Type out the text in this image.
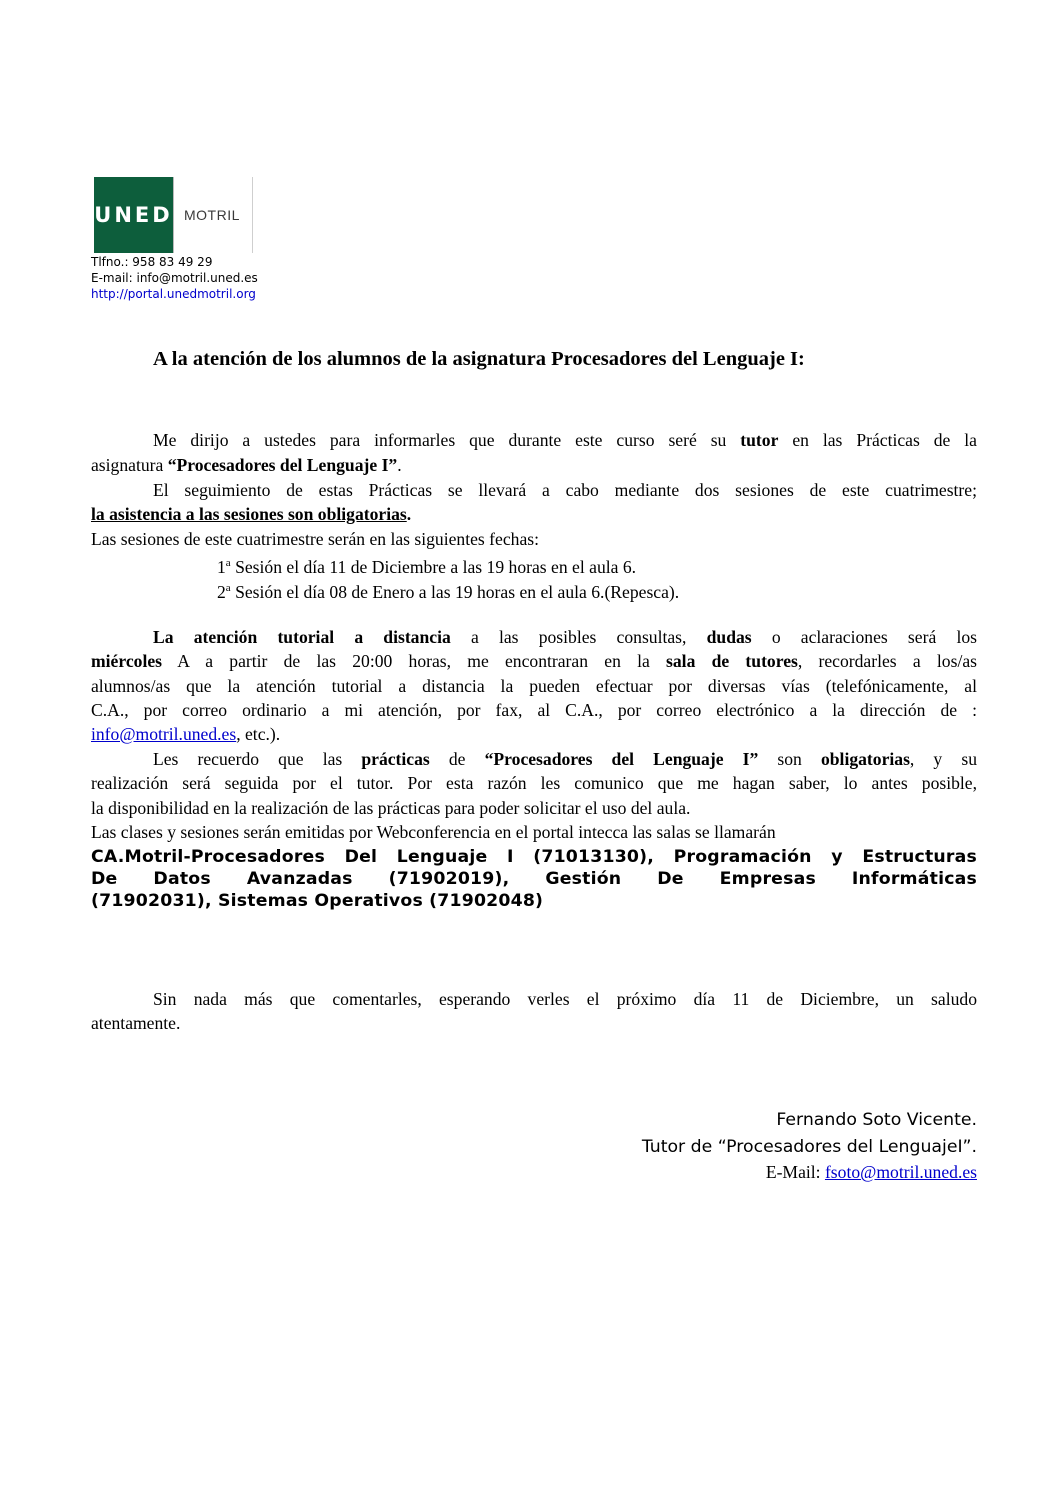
UNED MOTRIL
Tlfno.: 958 83 49 29
E-mail: info@motril.uned.es
http://portal.unedmotril.org
A la atención de los alumnos de la asignatura Procesadores del Lenguaje I:
Me dirijo a ustedes para informarles que durante este curso seré su tutor en las Prácticas de la
asignatura “Procesadores del Lenguaje I”.
El seguimiento de estas Prácticas se llevará a cabo mediante dos sesiones de este cuatrimestre;
la asistencia a las sesiones son obligatorias.
Las sesiones de este cuatrimestre serán en las siguientes fechas:
1$^a$ Sesión el día 11 de Diciembre a las 19 horas en el aula 6.
2$^a$ Sesión el día 08 de Enero a las 19 horas en el aula 6.(Repesca).
La atención tutorial a distancia a las posibles consultas, dudas o aclaraciones será los
miércoles A a partir de las 20:00 horas, me encontraran en la sala de tutores, recordarles a los/as
alumnos/as que la atención tutorial a distancia la pueden efectuar por diversas vías (telefónicamente, al
C.A., por correo ordinario a mi atención, por fax, al C.A., por correo electrónico a la dirección de :
info@motril.uned.es, etc.).
Les recuerdo que las prácticas de “Procesadores del Lenguaje I” son obligatorias, y su
realización será seguida por el tutor. Por esta razón les comunico que me hagan saber, lo antes posible,
la disponibilidad en la realización de las prácticas para poder solicitar el uso del aula.
Las clases y sesiones serán emitidas por Webconferencia en el portal intecca las salas se llamarán
CA.Motril-Procesadores Del Lenguaje I (71013130), Programación y Estructuras
De Datos Avanzadas (71902019), Gestión De Empresas Informáticas
(71902031), Sistemas Operativos (71902048)
Sin nada más que comentarles, esperando verles el próximo día 11 de Diciembre, un saludo
atentamente.
Fernando Soto Vicente.
Tutor de “Procesadores del LenguajeI”.
E-Mail: fsoto@motril.uned.es
